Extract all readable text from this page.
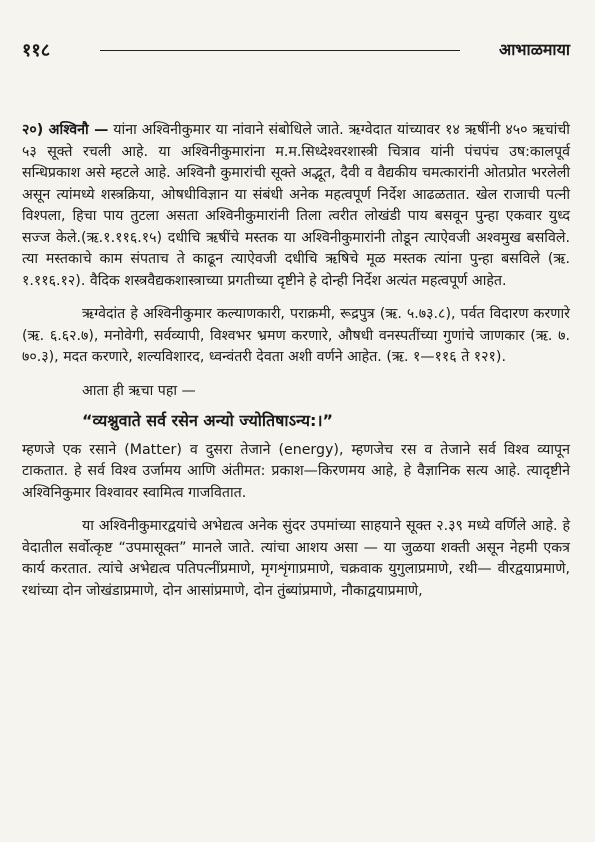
११८	आभाळमाया

२०) अश्विनौ — यांना अश्विनीकुमार या नांवाने संबोधिले जाते. ऋग्वेदात यांच्यावर १४ ऋषींनी ४५० ऋचांची ५३ सूक्ते रचली आहे. या अश्विनीकुमारांना म.म.सिध्देश्वरशास्त्री चित्राव यांनी पंचपंच उष:कालपूर्व सन्धिप्रकाश असे म्हटले आहे. अश्विनौ कुमारांची सूक्ते अद्भूत, दैवी व वैद्यकीय चमत्कारांनी ओतप्रोत भरलेली असून त्यांमध्ये शस्त्रक्रिया, ओषधीविज्ञान या संबंधी अनेक महत्वपूर्ण निर्देश आढळतात. खेल राजाची पत्नी विश्पला, हिचा पाय तुटला असता अश्विनीकुमारांनी तिला त्वरीत लोखंडी पाय बसवून पुन्हा एकवार युध्द सज्ज केले.(ऋ.१.११६.१५) दधीचि ऋषींचे मस्तक या अश्विनीकुमारांनी तोडून त्याऐवजी अश्वमुख बसविले. त्या मस्तकाचे काम संपताच ते काढून त्याऐवजी दधीचि ऋषिचे मूळ मस्तक त्यांना पुन्हा बसविले (ऋ. १.११६.१२). वैदिक शस्त्रवैद्यकशास्त्राच्या प्रगतीच्या दृष्टीने हे दोन्ही निर्देश अत्यंत महत्वपूर्ण आहेत.

ऋग्वेदांत हे अश्विनीकुमार कल्याणकारी, पराक्रमी, रूद्रपुत्र (ऋ. ५.७३.८), पर्वत विदारण करणारे (ऋ. ६.६२.७), मनोवेगी, सर्वव्यापी, विश्वभर भ्रमण करणारे, औषधी वनस्पतींच्या गुणांचे जाणकार (ऋ. ७. ७०.३), मदत करणारे, शल्यविशारद, ध्वन्वंतरी देवता अशी वर्णने आहेत. (ऋ. १—११६ ते १२१).

आता ही ऋचा पहा —

“व्यश्नुवाते सर्व रसेन अन्यो ज्योतिषाऽन्य:।”

म्हणजे एक रसाने (Matter) व दुसरा तेजाने (energy), म्हणजेच रस व तेजाने सर्व विश्व व्यापून टाकतात. हे सर्व विश्व उर्जामय आणि अंतीमत: प्रकाश—किरणमय आहे, हे वैज्ञानिक सत्य आहे. त्यादृष्टीने अश्विनिकुमार विश्वावर स्वामित्व गाजवितात.

या अश्विनीकुमारद्वयांचे अभेद्यत्व अनेक सुंदर उपमांच्या साहयाने सूक्त २.३९ मध्ये वर्णिले आहे. हे वेदातील सर्वोत्कृष्ट “उपमासूक्त” मानले जाते. त्यांचा आशय असा — या जुळया शक्ती असून नेहमी एकत्र कार्य करतात. त्यांचे अभेद्यत्व पतिपत्नींप्रमाणे, मृगशृंगाप्रमाणे, चक्रवाक युगुलाप्रमाणे, रथी— वीरद्वयाप्रमाणे, रथांच्या दोन जोखंडाप्रमाणे, दोन आसांप्रमाणे, दोन तुंब्यांप्रमाणे, नौकाद्वयाप्रमाणे,
